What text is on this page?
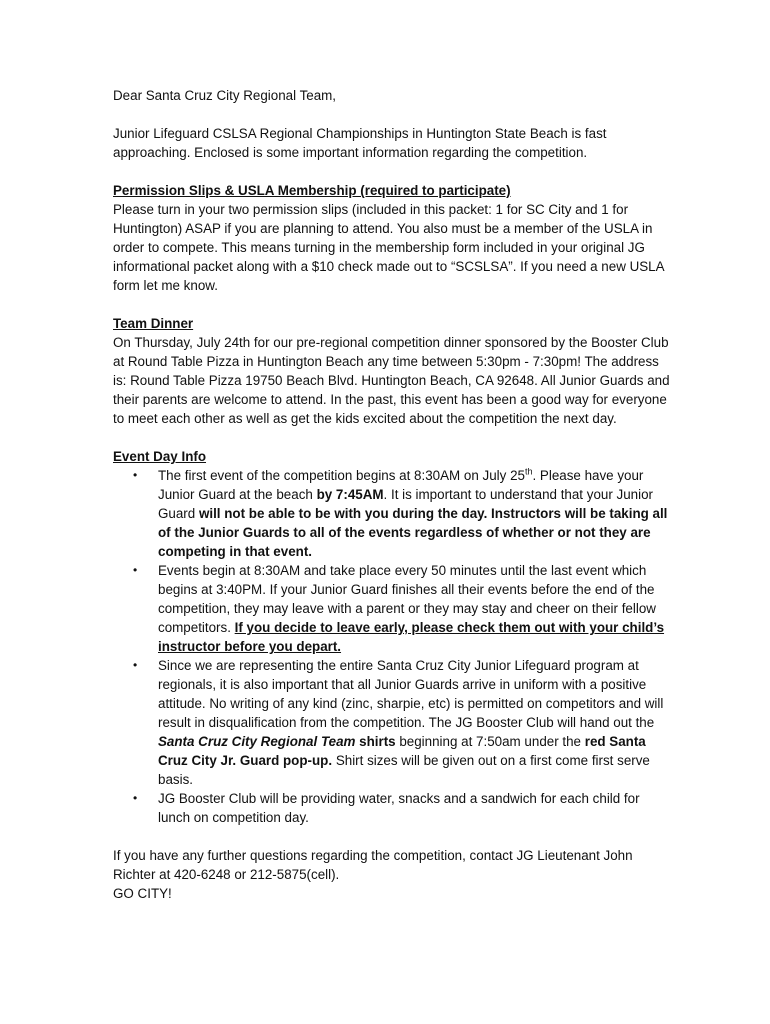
Dear Santa Cruz City Regional Team,

Junior Lifeguard CSLSA Regional Championships in Huntington State Beach is fast approaching. Enclosed is some important information regarding the competition.

Permission Slips & USLA Membership (required to participate)

Please turn in your two permission slips (included in this packet: 1 for SC City and 1 for Huntington) ASAP if you are planning to attend. You also must be a member of the USLA in order to compete. This means turning in the membership form included in your original JG informational packet along with a $10 check made out to “SCSLSA”. If you need a new USLA form let me know.

Team Dinner

On Thursday, July 24th for our pre-regional competition dinner sponsored by the Booster Club at Round Table Pizza in Huntington Beach any time between 5:30pm - 7:30pm! The address is: Round Table Pizza 19750 Beach Blvd. Huntington Beach, CA 92648. All Junior Guards and their parents are welcome to attend. In the past, this event has been a good way for everyone to meet each other as well as get the kids excited about the competition the next day.

Event Day Info

•	The first event of the competition begins at 8:30AM on July 25th. Please have your Junior Guard at the beach by 7:45AM. It is important to understand that your Junior Guard will not be able to be with you during the day. Instructors will be taking all of the Junior Guards to all of the events regardless of whether or not they are competing in that event.
•	Events begin at 8:30AM and take place every 50 minutes until the last event which begins at 3:40PM. If your Junior Guard finishes all their events before the end of the competition, they may leave with a parent or they may stay and cheer on their fellow competitors. If you decide to leave early, please check them out with your child’s instructor before you depart.
•	Since we are representing the entire Santa Cruz City Junior Lifeguard program at regionals, it is also important that all Junior Guards arrive in uniform with a positive attitude. No writing of any kind (zinc, sharpie, etc) is permitted on competitors and will result in disqualification from the competition. The JG Booster Club will hand out the Santa Cruz City Regional Team shirts beginning at 7:50am under the red Santa Cruz City Jr. Guard pop-up. Shirt sizes will be given out on a first come first serve basis.
•	JG Booster Club will be providing water, snacks and a sandwich for each child for lunch on competition day.

If you have any further questions regarding the competition, contact JG Lieutenant John Richter at 420-6248 or 212-5875(cell).

GO CITY!
